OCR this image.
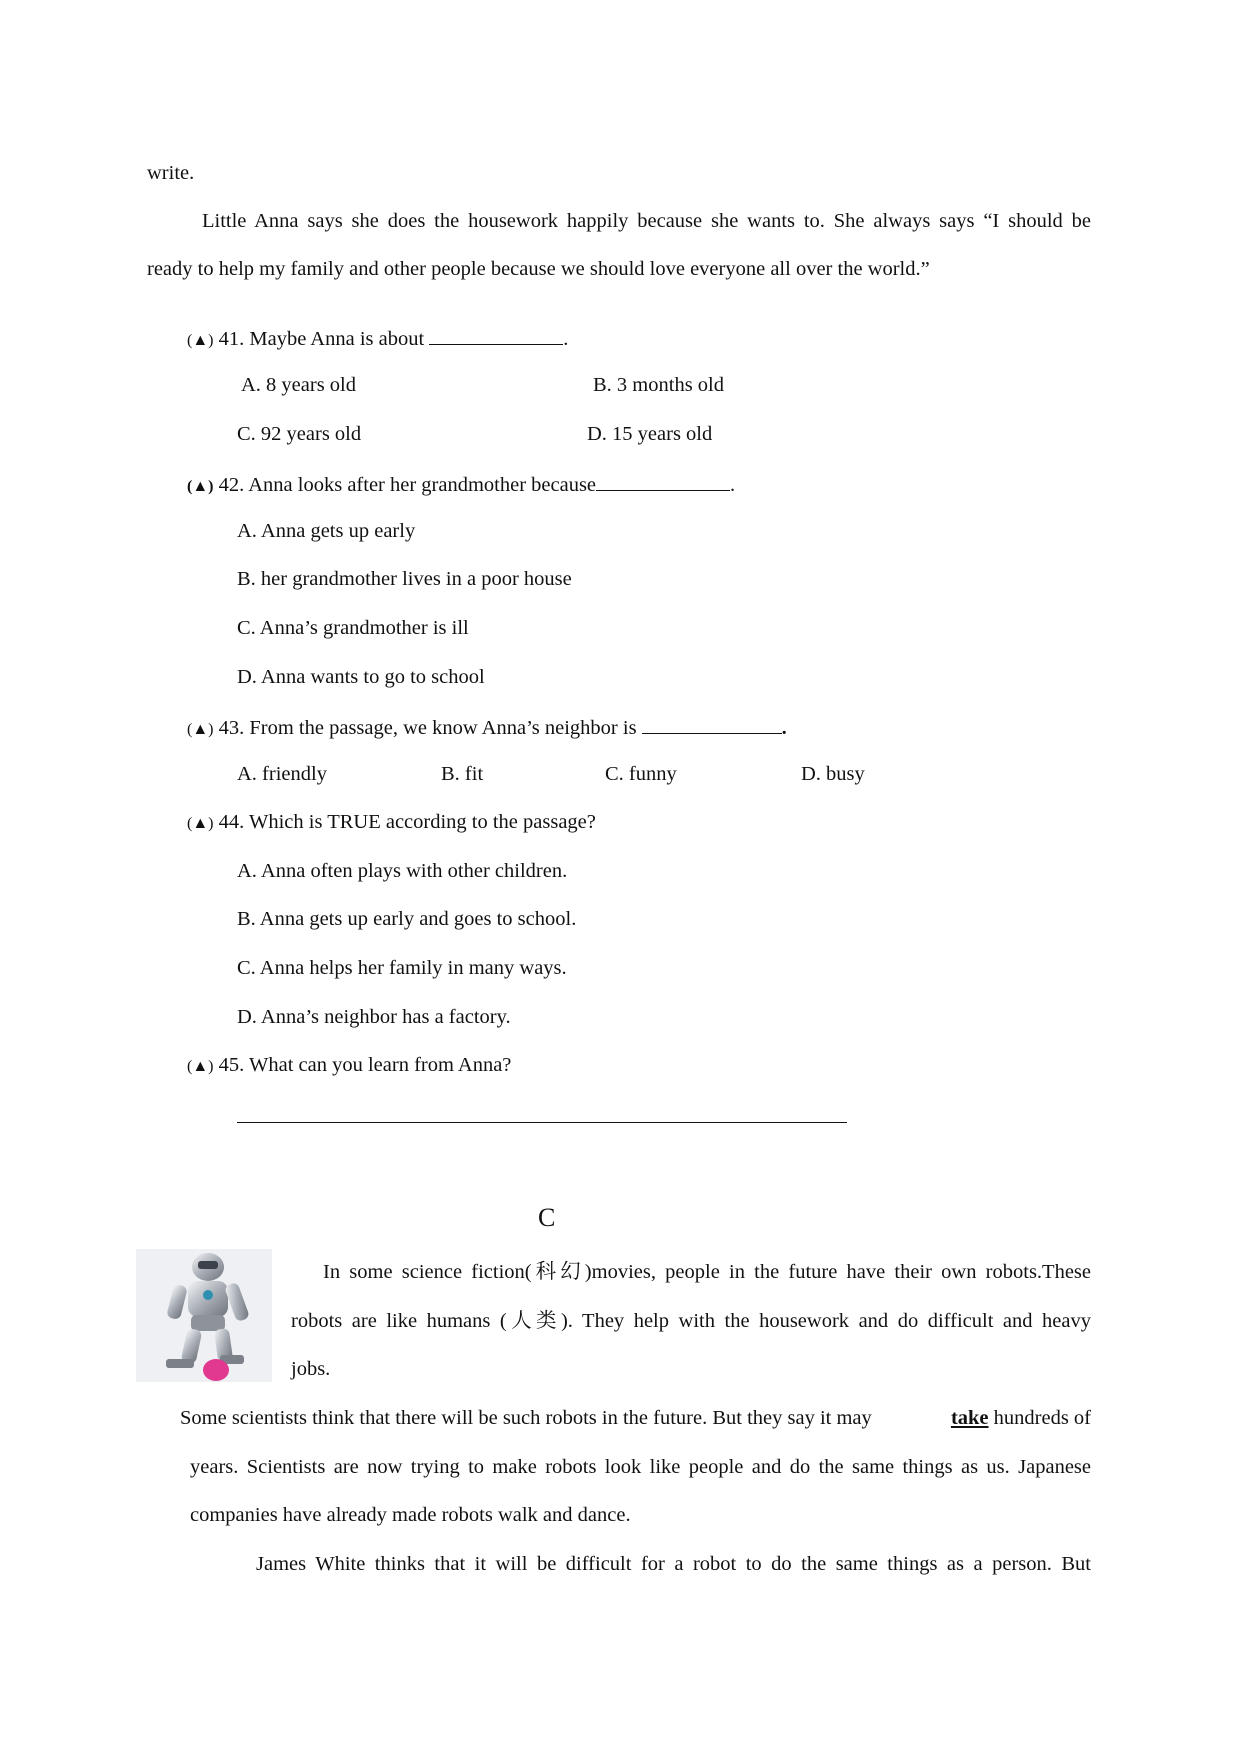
write.
Little Anna says she does the housework happily because she wants to. She always says “I should be
ready to help my family and other people because we should love everyone all over the world.”
(▲) 41. Maybe Anna is about	.
A. 8 years old	B. 3 months old
C. 92 years old	D. 15 years old
(▲) 42. Anna looks after her grandmother because	.
A. Anna gets up early
B. her grandmother lives in a poor house
C. Anna’s grandmother is ill
D. Anna wants to go to school
(▲) 43. From the passage, we know Anna’s neighbor is	.
A. friendly	B. fit	C. funny	D. busy
(▲) 44. Which is TRUE according to the passage?
A. Anna often plays with other children.
B. Anna gets up early and goes to school.
C. Anna helps her family in many ways.
D. Anna’s neighbor has a factory.
(▲) 45. What can you learn from Anna?
C
In some science fiction(科幻)movies, people in the future have their own robots.These
robots are like humans (人类). They help with the housework and do difficult and heavy
jobs.
Some scientists think that there will be such robots in the future. But they say it may	take hundreds of
years. Scientists are now trying to make robots look like people and do the same things as us. Japanese
companies have already made robots walk and dance.
James White thinks that it will be difficult for a robot to do the same things as a person. But
